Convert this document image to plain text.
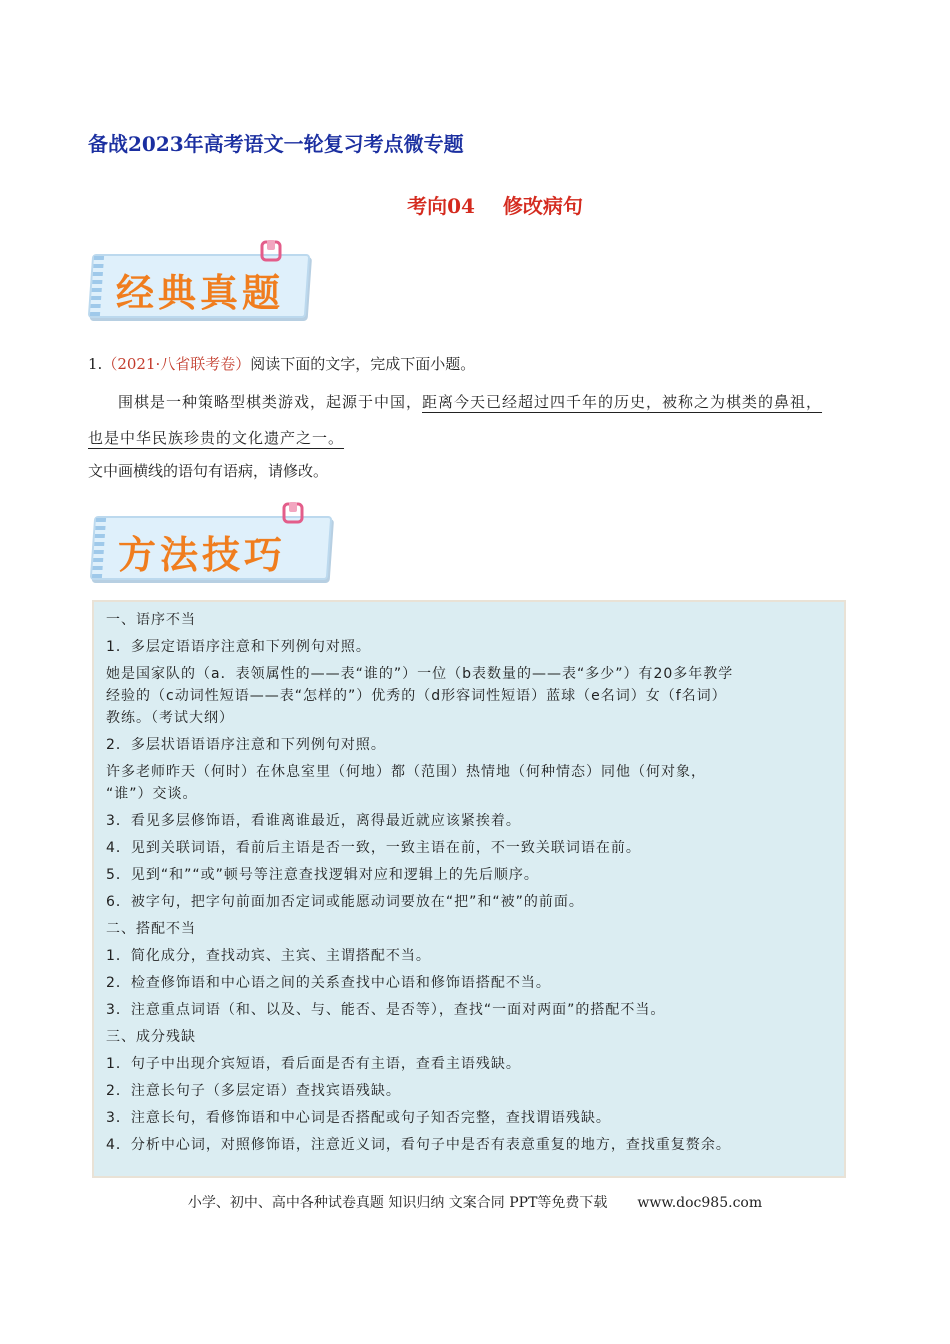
备战2023年高考语文一轮复习考点微专题
考向04 修改病句
经典真题
1.（2021·八省联考卷）阅读下面的文字，完成下面小题。
围棋是一种策略型棋类游戏，起源于中国，距离今天已经超过四千年的历史，被称之为棋类的鼻祖，
也是中华民族珍贵的文化遗产之一。
文中画横线的语句有语病，请修改。
方法技巧
一、语序不当
1．多层定语语序注意和下列例句对照。
她是国家队的（a．表领属性的——表“谁的”）一位（b表数量的——表“多少”）有20多年教学
经验的（c动词性短语——表“怎样的”）优秀的（d形容词性短语）蓝球（e名词）女（f名词）
教练。（考试大纲）
2．多层状语语语序注意和下列例句对照。
许多老师昨天（何时）在休息室里（何地）都（范围）热情地（何种情态）同他（何对象，
“谁”）交谈。
3．看见多层修饰语，看谁离谁最近，离得最近就应该紧挨着。
4．见到关联词语，看前后主语是否一致，一致主语在前，不一致关联词语在前。
5．见到“和”“或”顿号等注意查找逻辑对应和逻辑上的先后顺序。
6．被字句，把字句前面加否定词或能愿动词要放在“把”和“被”的前面。
二、搭配不当
1．简化成分，查找动宾、主宾、主谓搭配不当。
2．检查修饰语和中心语之间的关系查找中心语和修饰语搭配不当。
3．注意重点词语（和、以及、与、能否、是否等），查找“一面对两面”的搭配不当。
三、成分残缺
1．句子中出现介宾短语，看后面是否有主语，查看主语残缺。
2．注意长句子（多层定语）查找宾语残缺。
3．注意长句，看修饰语和中心词是否搭配或句子知否完整，查找谓语残缺。
4．分析中心词，对照修饰语，注意近义词，看句子中是否有表意重复的地方，查找重复赘余。
小学、初中、高中各种试卷真题 知识归纳 文案合同 PPT等免费下载 www.doc985.com
